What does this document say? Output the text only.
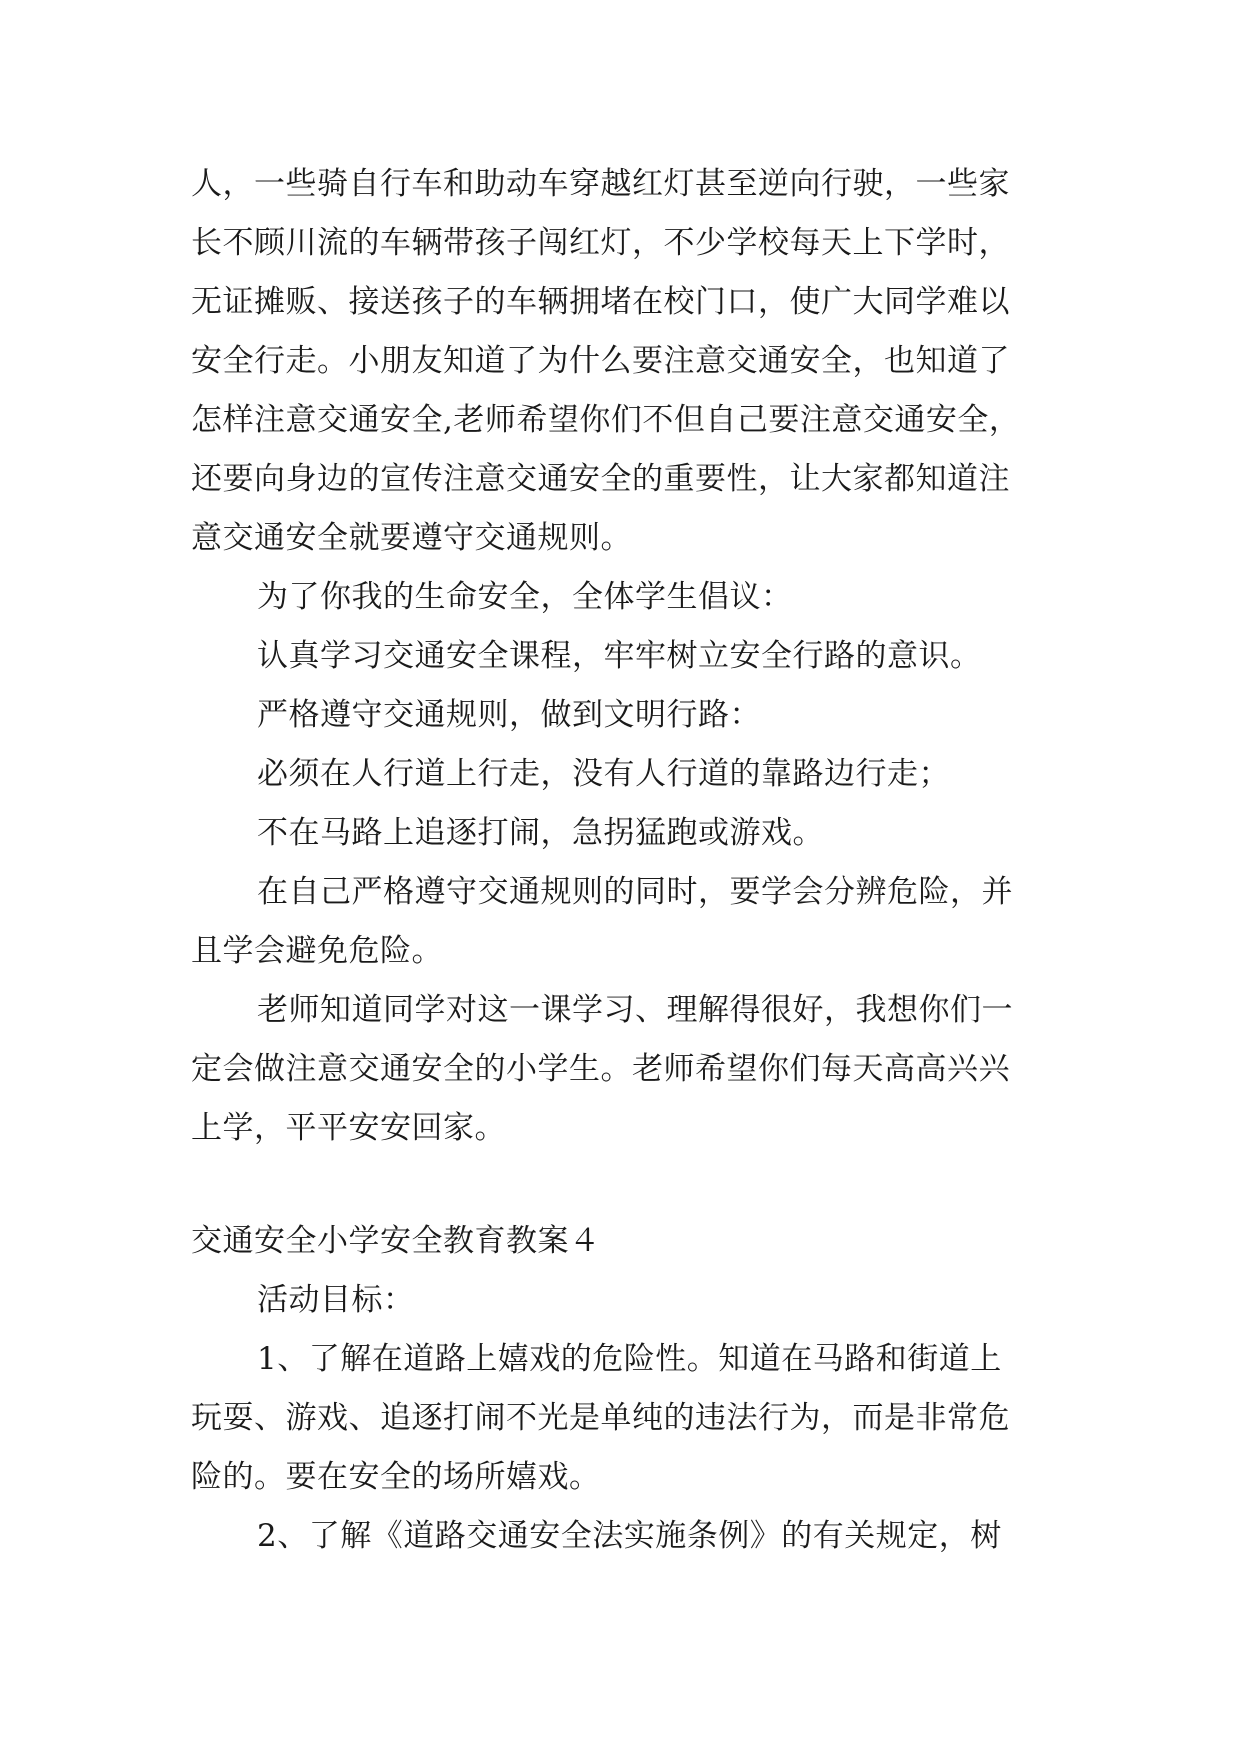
人，一些骑自行车和助动车穿越红灯甚至逆向行驶，一些家
长不顾川流的车辆带孩子闯红灯，不少学校每天上下学时，
无证摊贩、接送孩子的车辆拥堵在校门口，使广大同学难以
安全行走。小朋友知道了为什么要注意交通安全，也知道了
怎样注意交通安全,老师希望你们不但自己要注意交通安全，
还要向身边的宣传注意交通安全的重要性，让大家都知道注
意交通安全就要遵守交通规则。
为了你我的生命安全，全体学生倡议：
认真学习交通安全课程，牢牢树立安全行路的意识。
严格遵守交通规则，做到文明行路：
必须在人行道上行走，没有人行道的靠路边行走；
不在马路上追逐打闹，急拐猛跑或游戏。
在自己严格遵守交通规则的同时，要学会分辨危险，并
且学会避免危险。
老师知道同学对这一课学习、理解得很好，我想你们一
定会做注意交通安全的小学生。老师希望你们每天高高兴兴
上学，平平安安回家。
交通安全小学安全教育教案４
活动目标：
1、了解在道路上嬉戏的危险性。知道在马路和街道上
玩耍、游戏、追逐打闹不光是单纯的违法行为，而是非常危
险的。要在安全的场所嬉戏。
2、了解《道路交通安全法实施条例》的有关规定，树
